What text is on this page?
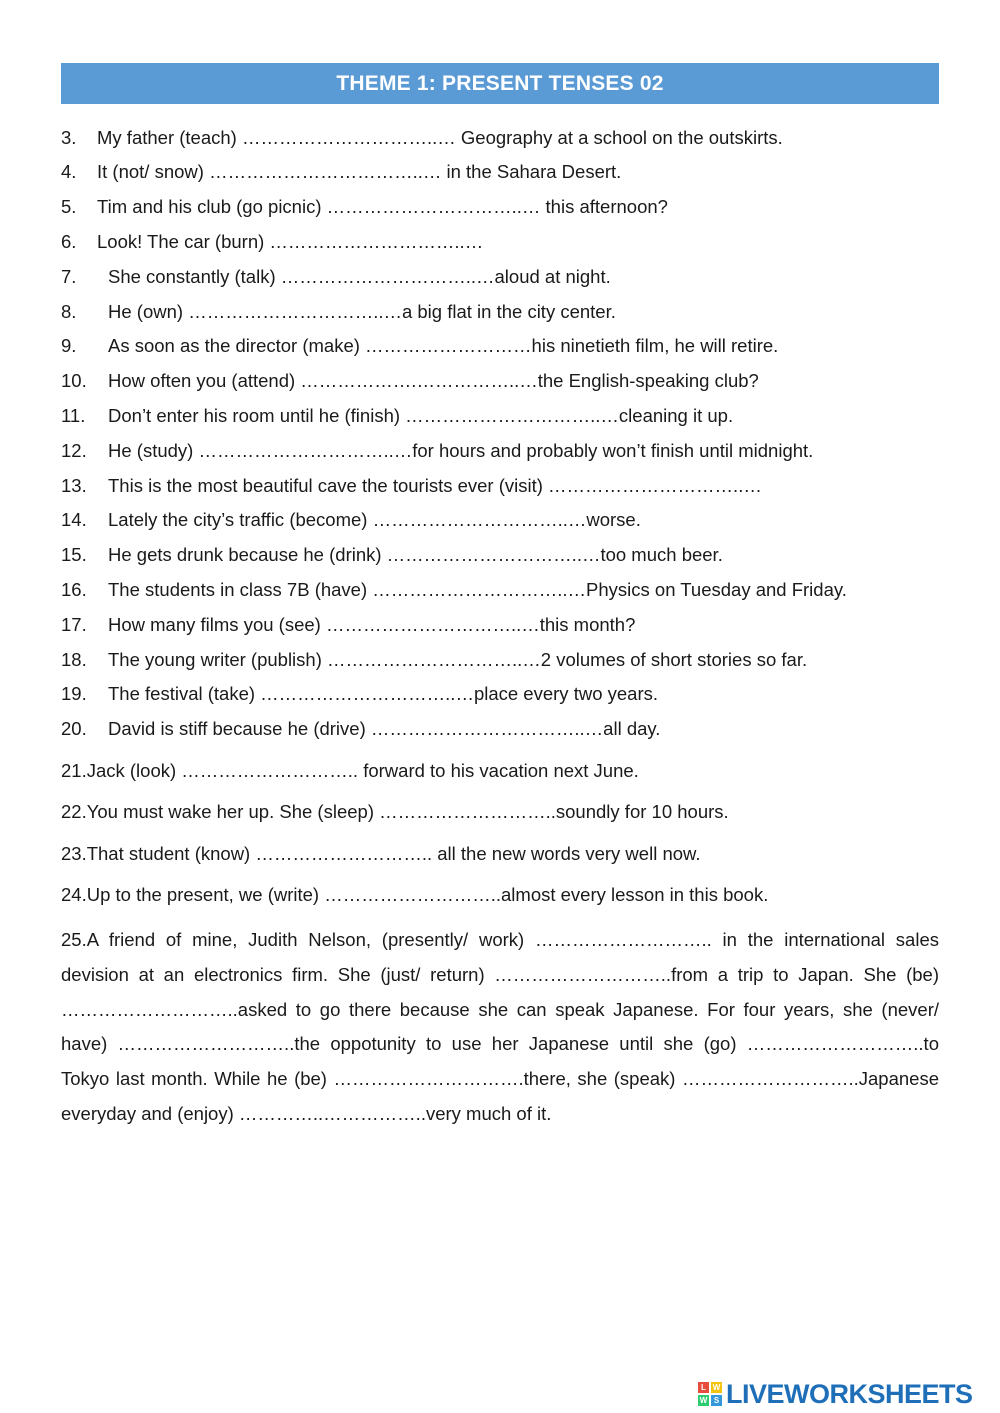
THEME 1: PRESENT TENSES 02
3. My father (teach) …………………………..… Geography at a school on the outskirts.
4. It (not/ snow) ……………………………..… in the Sahara Desert.
5. Tim and his club (go picnic) …………………………..… this afternoon?
6. Look! The car (burn) …………………………..…
7. She constantly (talk) …………………………..…aloud at night.
8. He (own) …………………………..…a big flat in the city center.
9. As soon as the director (make) ………………………his ninetieth film, he will retire.
10. How often you (attend) ……………….……………..…the English-speaking club?
11. Don’t enter his room until he (finish) …………………………..…cleaning it up.
12. He (study) …………………………..…for hours and probably won’t finish until midnight.
13. This is the most beautiful cave the tourists ever (visit) …………………………..…
14. Lately the city’s traffic (become) …………………………..…worse.
15. He gets drunk because he (drink) …………………………..…too much beer.
16. The students in class 7B (have) …………………………..…Physics on Tuesday and Friday.
17. How many films you (see) …………………………..…this month?
18. The young writer (publish) …………………………..…2 volumes of short stories so far.
19. The festival (take) …………………………..…place every two years.
20. David is stiff because he (drive) ……………………………..…all day.
21.Jack (look) ……………………….. forward to his vacation next June.
22.You must wake her up. She (sleep) ………………………..soundly for 10 hours.
23.That student (know) ……………………….. all the new words very well now.
24.Up to the present, we (write) ………………………..almost every lesson in this book.
25.A friend of mine, Judith Nelson, (presently/ work) ……………………….. in the international sales devision at an electronics firm. She (just/ return) ………………………..from a trip to Japan. She (be) ………………………..asked to go there because she can speak Japanese. For four years, she (never/ have) ………………………..the oppotunity to use her Japanese until she (go) ………………………..to Tokyo last month. While he (be) ………………………….there, she (speak) ………………………..Japanese everyday and (enjoy) …………..……………..very much of it.
L W
W S LIVEWORKSHEETS
